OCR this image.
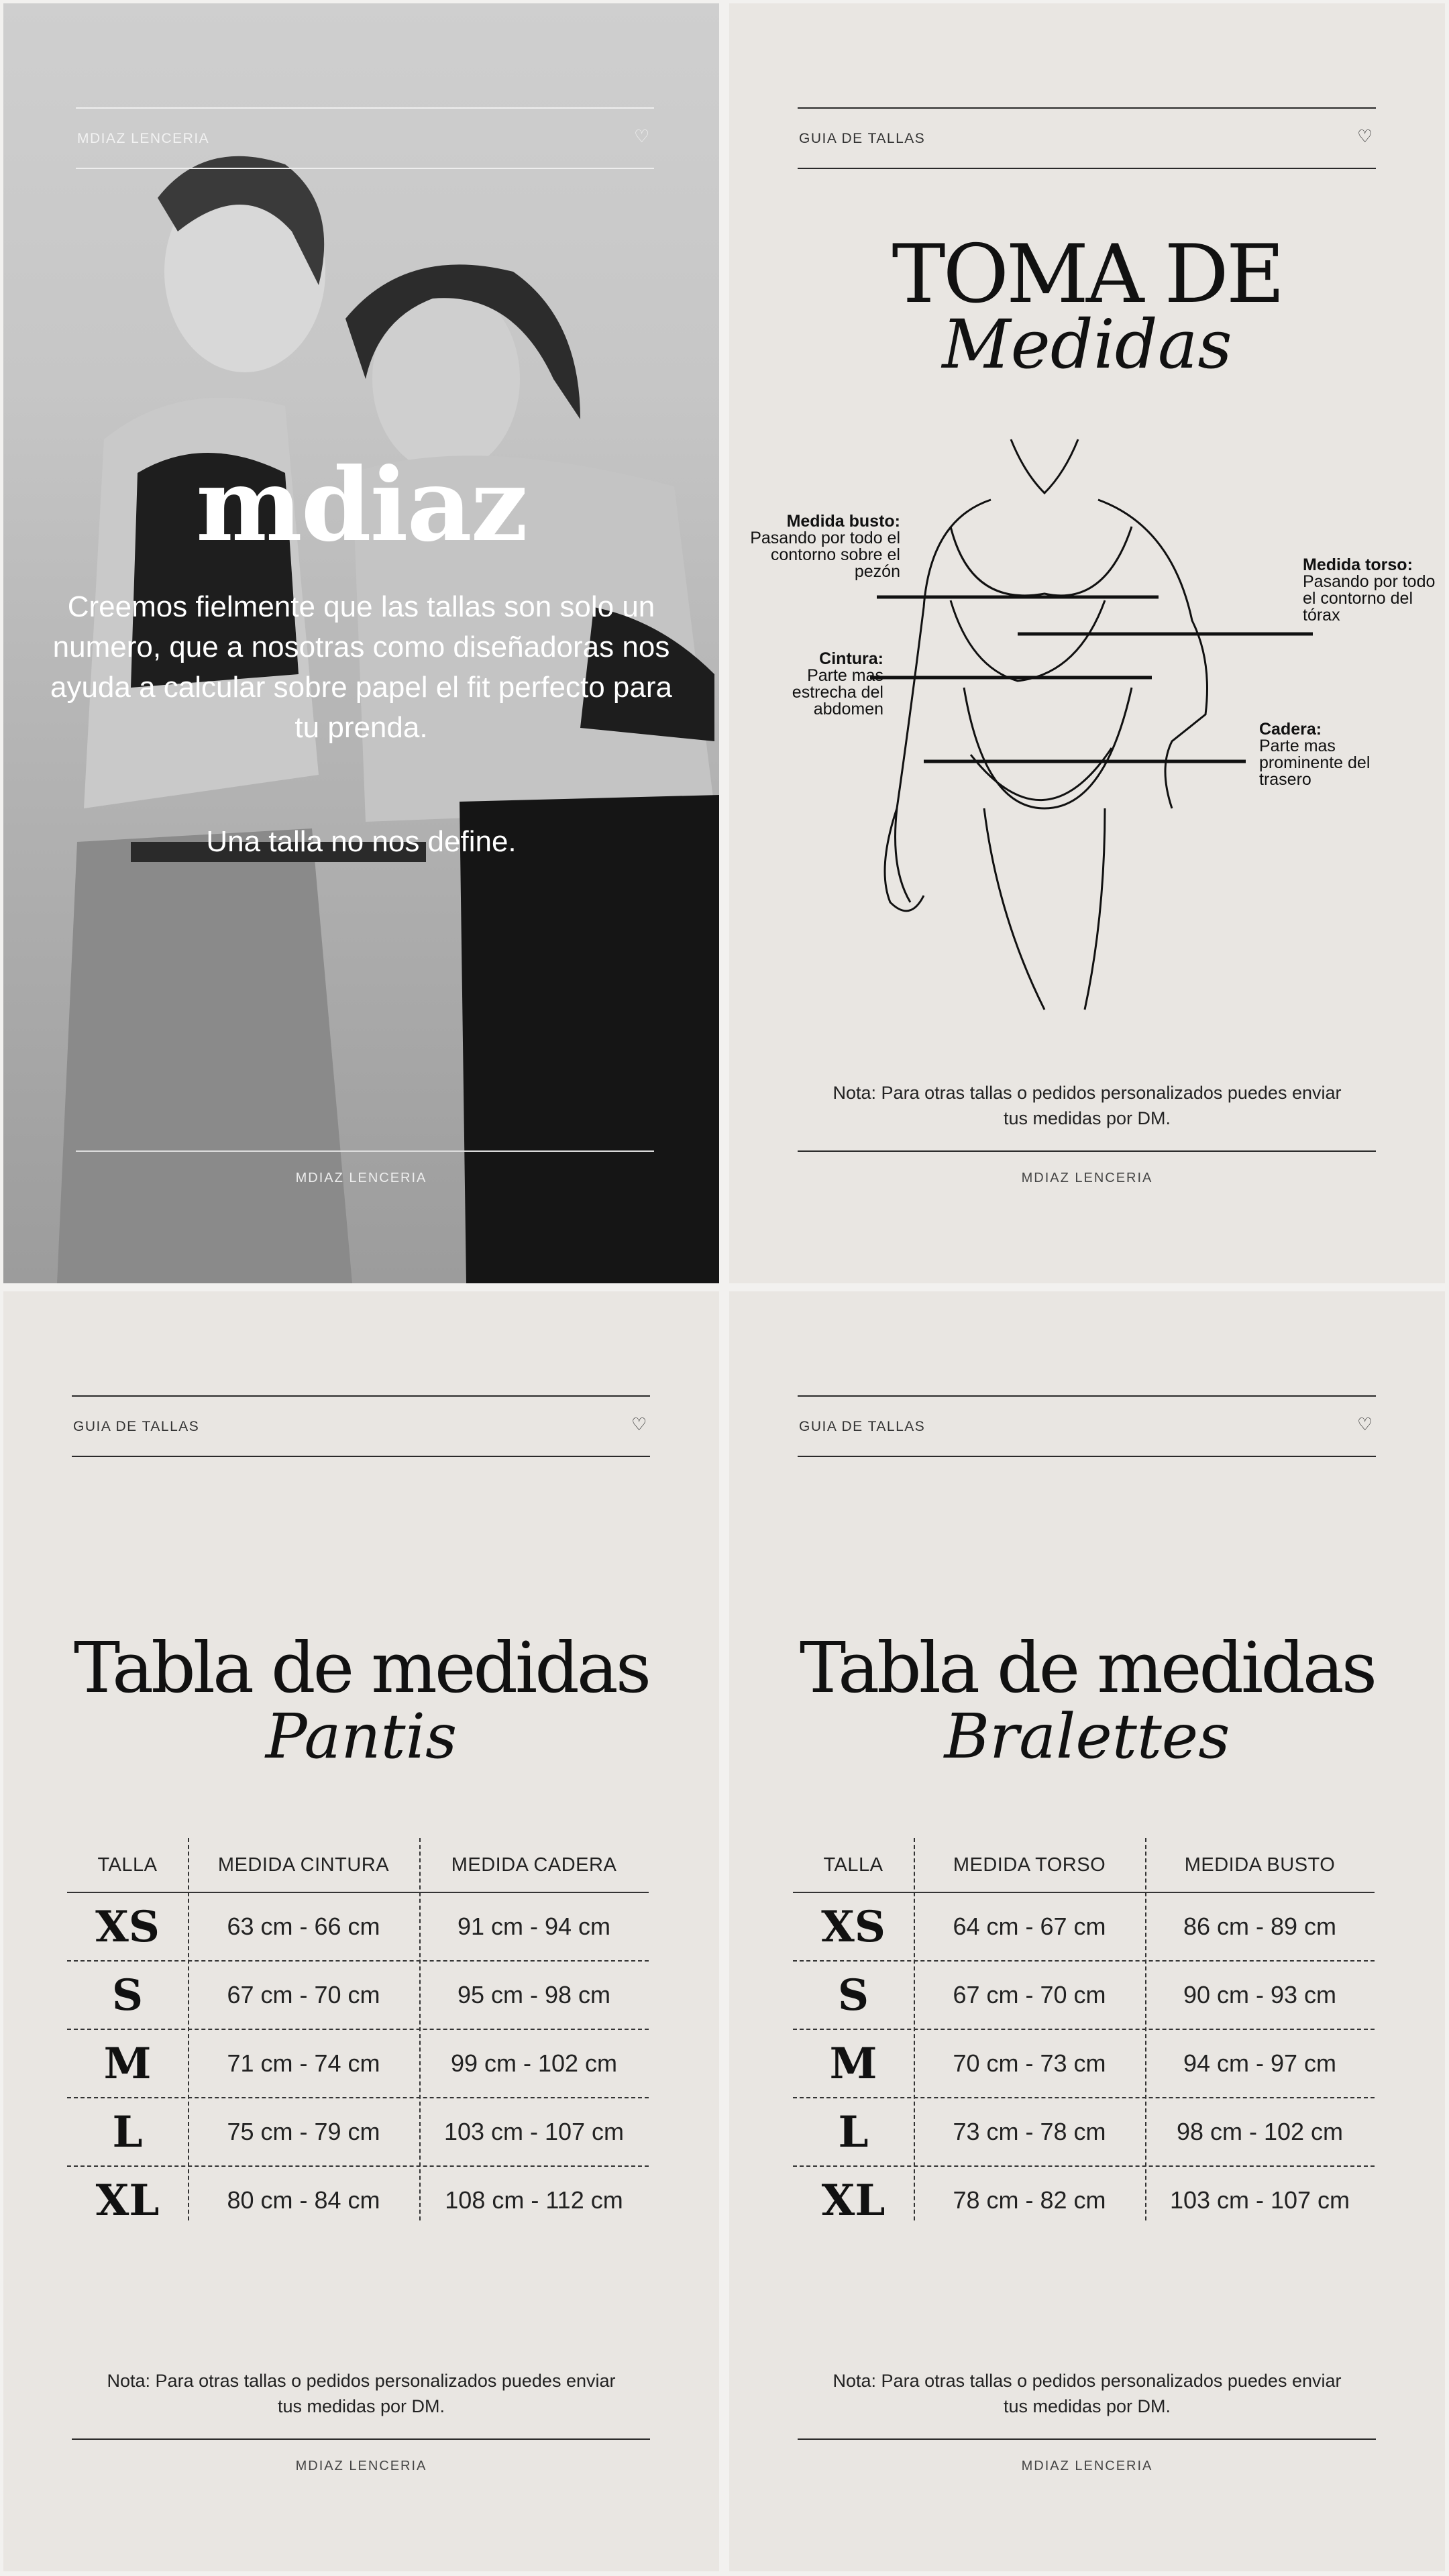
MDIAZ LENCERIA	♡
mdiaz
Creemos fielmente que las tallas son solo un numero, que a nosotras como diseñadoras nos ayuda a calcular sobre papel el fit perfecto para tu prenda.
Una talla no nos define.
MDIAZ LENCERIA
GUIA DE TALLAS	♡
TOMA DE
Medidas
Medida busto:
Pasando por todo el contorno sobre el pezón	Medida torso:
Pasando por todo el contorno del tórax
Cintura:
Parte mas estrecha del abdomen
Cadera:
Parte mas prominente del trasero
Nota: Para otras tallas o pedidos personalizados puedes enviar tus medidas por DM.
MDIAZ LENCERIA
GUIA DE TALLAS	♡
Tabla de medidas
Pantis
TALLA	MEDIDA CINTURA	MEDIDA CADERA
XS	63 cm - 66 cm	91 cm - 94 cm
S	67 cm - 70 cm	95 cm - 98 cm
M	71 cm - 74 cm	99 cm - 102 cm
L	75 cm - 79 cm	103 cm - 107 cm
XL	80 cm - 84 cm	108 cm - 112 cm
Nota: Para otras tallas o pedidos personalizados puedes enviar tus medidas por DM.
MDIAZ LENCERIA
GUIA DE TALLAS	♡
Tabla de medidas
Bralettes
TALLA	MEDIDA TORSO	MEDIDA BUSTO
XS	64 cm - 67 cm	86 cm - 89 cm
S	67 cm - 70 cm	90 cm - 93 cm
M	70 cm - 73 cm	94 cm - 97 cm
L	73 cm - 78 cm	98 cm - 102 cm
XL	78 cm - 82 cm	103 cm - 107 cm
Nota: Para otras tallas o pedidos personalizados puedes enviar tus medidas por DM.
MDIAZ LENCERIA
